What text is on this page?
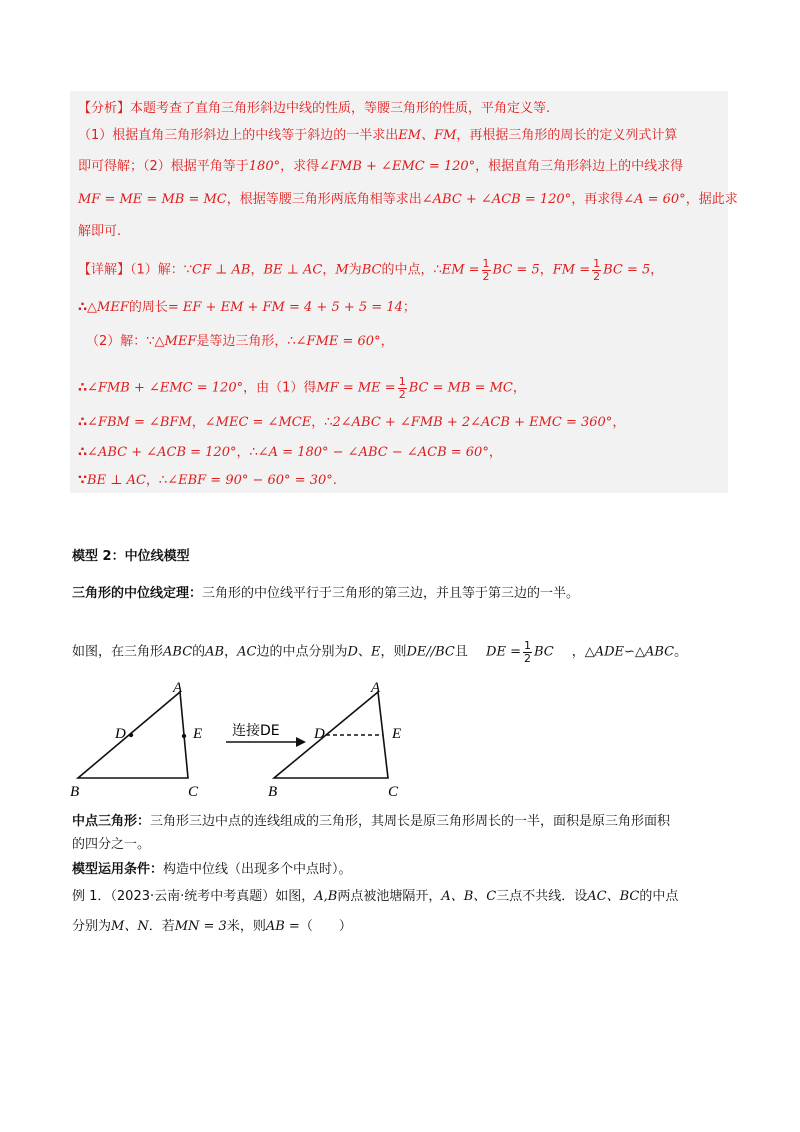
【分析】本题考查了直角三角形斜边中线的性质，等腰三角形的性质，平角定义等.
（1）根据直角三角形斜边上的中线等于斜边的一半求出EM、FM，再根据三角形的周长的定义列式计算
即可得解；（2）根据平角等于180°，求得∠FMB + ∠EMC = 120°，根据直角三角形斜边上的中线求得
MF = ME = MB = MC，根据等腰三角形两底角相等求出∠ABC + ∠ACB = 120°，再求得∠A = 60°，据此求
解即可.
【详解】（1）解：∵CF ⊥ AB，BE ⊥ AC，M为BC的中点，∴EM = $\frac{1}{2}$ BC = 5，FM = $\frac{1}{2}$ BC = 5，
∴△MEF的周长= EF + EM + FM = 4 + 5 + 5 = 14；
（2）解：∵△MEF是等边三角形，∴∠FME = 60°，
∴∠FMB + ∠EMC = 120°，由（1）得MF = ME = $\frac{1}{2}$ BC = MB = MC，
∴∠FBM = ∠BFM，∠MEC = ∠MCE，∴2∠ABC + ∠FMB + 2∠ACB + EMC = 360°，
∴∠ABC + ∠ACB = 120°，∴∠A = 180° − ∠ABC − ∠ACB = 60°，
∵BE ⊥ AC，∴∠EBF = 90° − 60° = 30°.
模型 2：中位线模型
三角形的中位线定理：三角形的中位线平行于三角形的第三边，并且等于第三边的一半。
如图，在三角形ABC的AB，AC边的中点分别为D、E，则DE//BC且 DE = $\frac{1}{2}$ BC ，△ADE∽△ABC。
A
B	C
D	E 连接DE
A
B	C
D	E
中点三角形：三角形三边中点的连线组成的三角形，其周长是原三角形周长的一半，面积是原三角形面积
的四分之一。
模型运用条件：构造中位线（出现多个中点时）。
例 1．（2023·云南·统考中考真题）如图，A,B两点被池塘隔开，A、B、C三点不共线．设AC、BC的中点
分别为M、N．若MN = 3米，则AB =（　　）
